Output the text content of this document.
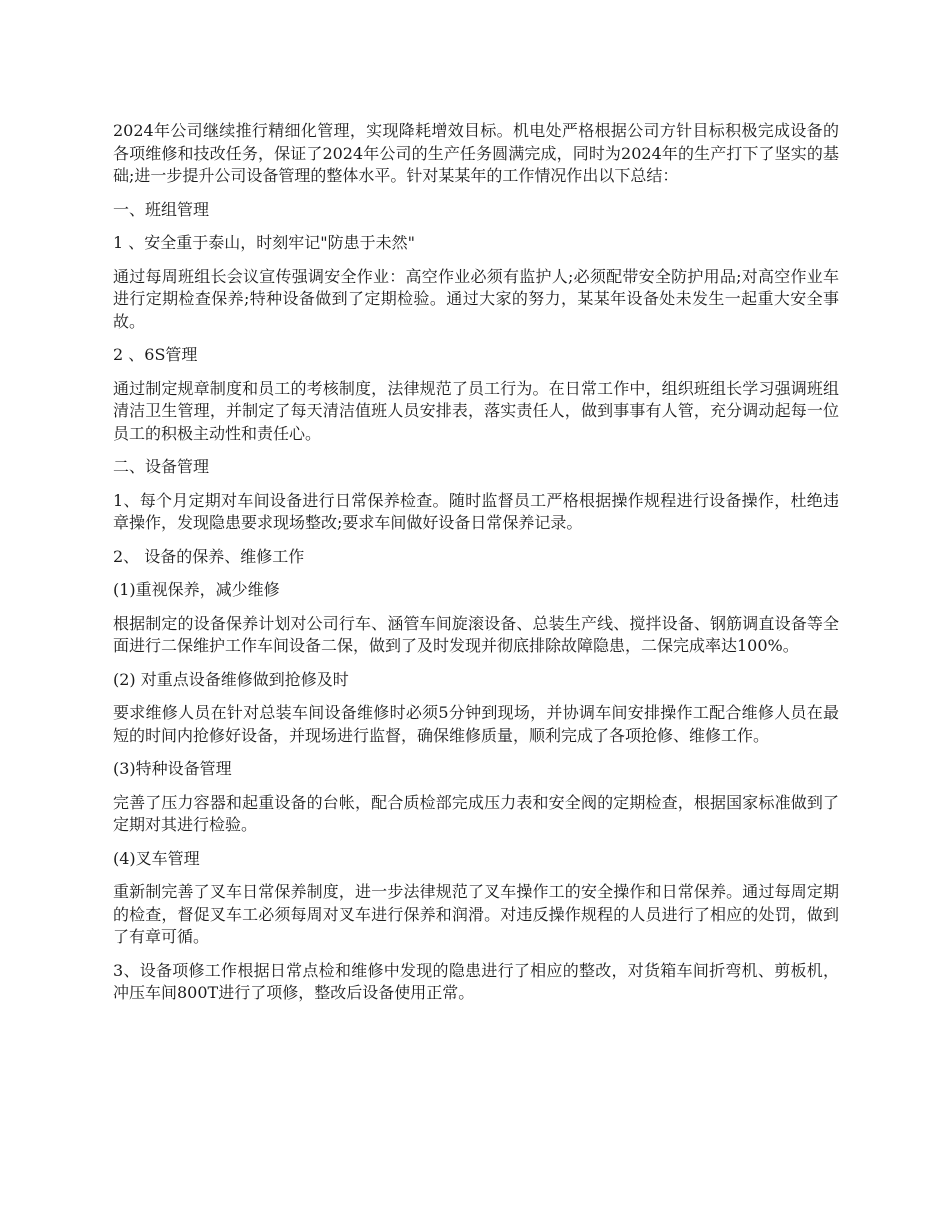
2024年公司继续推行精细化管理，实现降耗增效目标。机电处严格根据公司方针目标积极完成设备的各项维修和技改任务，保证了2024年公司的生产任务圆满完成，同时为2024年的生产打下了坚实的基础;进一步提升公司设备管理的整体水平。针对某某年的工作情况作出以下总结：

一、班组管理

1 、安全重于泰山，时刻牢记"防患于未然"

通过每周班组长会议宣传强调安全作业：高空作业必须有监护人;必须配带安全防护用品;对高空作业车进行定期检查保养;特种设备做到了定期检验。通过大家的努力，某某年设备处未发生一起重大安全事故。

2 、6S管理

通过制定规章制度和员工的考核制度，法律规范了员工行为。在日常工作中，组织班组长学习强调班组清洁卫生管理，并制定了每天清洁值班人员安排表，落实责任人，做到事事有人管，充分调动起每一位员工的积极主动性和责任心。

二、设备管理

1、每个月定期对车间设备进行日常保养检查。随时监督员工严格根据操作规程进行设备操作，杜绝违章操作，发现隐患要求现场整改;要求车间做好设备日常保养记录。

2、 设备的保养、维修工作

(1)重视保养，减少维修

根据制定的设备保养计划对公司行车、涵管车间旋滚设备、总装生产线、搅拌设备、钢筋调直设备等全面进行二保维护工作车间设备二保，做到了及时发现并彻底排除故障隐患，二保完成率达100%。

(2) 对重点设备维修做到抢修及时

要求维修人员在针对总装车间设备维修时必须5分钟到现场，并协调车间安排操作工配合维修人员在最短的时间内抢修好设备，并现场进行监督，确保维修质量，顺利完成了各项抢修、维修工作。

(3)特种设备管理

完善了压力容器和起重设备的台帐，配合质检部完成压力表和安全阀的定期检查，根据国家标准做到了定期对其进行检验。

(4)叉车管理

重新制完善了叉车日常保养制度，进一步法律规范了叉车操作工的安全操作和日常保养。通过每周定期的检查，督促叉车工必须每周对叉车进行保养和润滑。对违反操作规程的人员进行了相应的处罚，做到了有章可循。

3、设备项修工作根据日常点检和维修中发现的隐患进行了相应的整改，对货箱车间折弯机、剪板机，冲压车间800T进行了项修，整改后设备使用正常。
